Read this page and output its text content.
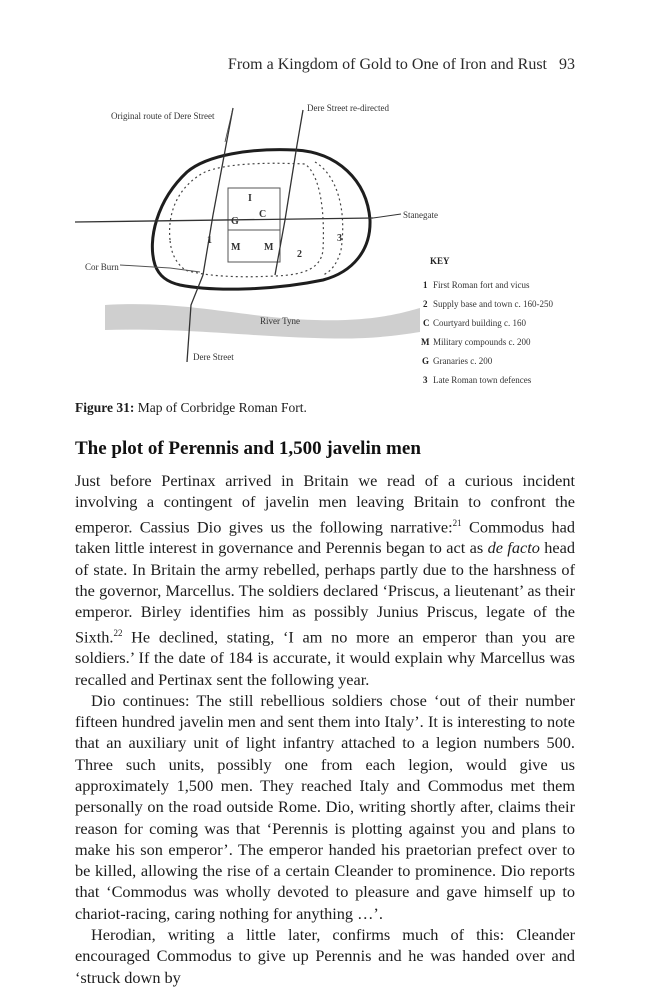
From a Kingdom of Gold to One of Iron and Rust 93
Original route of Dere Street
Dere Street re-directed
Stanegate
Cor Burn
River Tyne
Dere Street
I
C
G
1
M M
2
3
KEY
1 First Roman fort and vicus
2 Supply base and town c. 160-250
C Courtyard building c. 160
M Military compounds c. 200
G Granaries c. 200
3 Late Roman town defences
Figure 31: Map of Corbridge Roman Fort.
The plot of Perennis and 1,500 javelin men

Just before Pertinax arrived in Britain we read of a curious incident involving a contingent of javelin men leaving Britain to confront the emperor. Cassius Dio gives us the following narrative:$^{21}$ Commodus had taken little interest in governance and Perennis began to act as de facto head of state. In Britain the army rebelled, perhaps partly due to the harshness of the governor, Marcellus. The soldiers declared ‘Priscus, a lieutenant’ as their emperor. Birley identifies him as possibly Junius Priscus, legate of the Sixth.$^{22}$ He declined, stating, ‘I am no more an emperor than you are soldiers.’ If the date of 184 is accurate, it would explain why Marcellus was recalled and Pertinax sent the following year.

Dio continues: The still rebellious soldiers chose ‘out of their number fifteen hundred javelin men and sent them into Italy’. It is interesting to note that an auxiliary unit of light infantry attached to a legion numbers 500. Three such units, possibly one from each legion, would give us approximately 1,500 men. They reached Italy and Commodus met them personally on the road outside Rome. Dio, writing shortly after, claims their reason for coming was that ‘Perennis is plotting against you and plans to make his son emperor’. The emperor handed his praetorian prefect over to be killed, allowing the rise of a certain Cleander to prominence. Dio reports that ‘Commodus was wholly devoted to pleasure and gave himself up to chariot-racing, caring nothing for anything …’.

Herodian, writing a little later, confirms much of this: Cleander encouraged Commodus to give up Perennis and he was handed over and ‘struck down by
